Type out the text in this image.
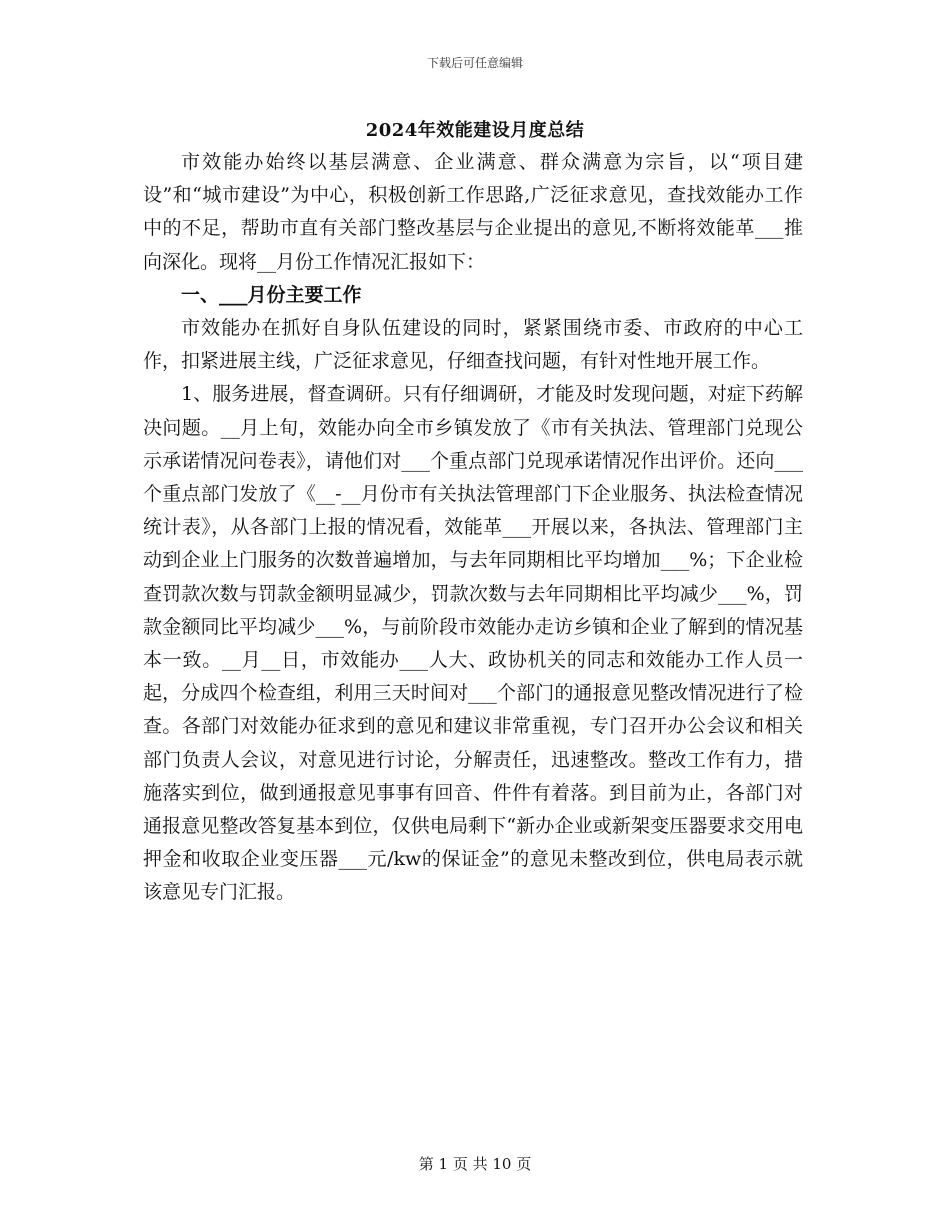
下载后可任意编辑
2024年效能建设月度总结

市效能办始终以基层满意、企业满意、群众满意为宗旨，以“项目建设”和“城市建设”为中心，积极创新工作思路,广泛征求意见，查找效能办工作中的不足，帮助市直有关部门整改基层与企业提出的意见,不断将效能革___推向深化。现将__月份工作情况汇报如下：

一、___月份主要工作

市效能办在抓好自身队伍建设的同时，紧紧围绕市委、市政府的中心工作，扣紧进展主线，广泛征求意见，仔细查找问题，有针对性地开展工作。

1、服务进展，督查调研。只有仔细调研，才能及时发现问题，对症下药解决问题。__月上旬，效能办向全市乡镇发放了《市有关执法、管理部门兑现公示承诺情况问卷表》，请他们对___个重点部门兑现承诺情况作出评价。还向___个重点部门发放了《__-__月份市有关执法管理部门下企业服务、执法检查情况统计表》，从各部门上报的情况看，效能革___开展以来，各执法、管理部门主动到企业上门服务的次数普遍增加，与去年同期相比平均增加___%；下企业检查罚款次数与罚款金额明显减少，罚款次数与去年同期相比平均减少___%，罚款金额同比平均减少___%，与前阶段市效能办走访乡镇和企业了解到的情况基本一致。__月__日，市效能办___人大、政协机关的同志和效能办工作人员一起，分成四个检查组，利用三天时间对___个部门的通报意见整改情况进行了检查。各部门对效能办征求到的意见和建议非常重视，专门召开办公会议和相关部门负责人会议，对意见进行讨论，分解责任，迅速整改。整改工作有力，措施落实到位，做到通报意见事事有回音、件件有着落。到目前为止，各部门对通报意见整改答复基本到位，仅供电局剩下“新办企业或新架变压器要求交用电押金和收取企业变压器___元/kw的保证金”的意见未整改到位，供电局表示就该意见专门汇报。

第 1 页 共 10 页
